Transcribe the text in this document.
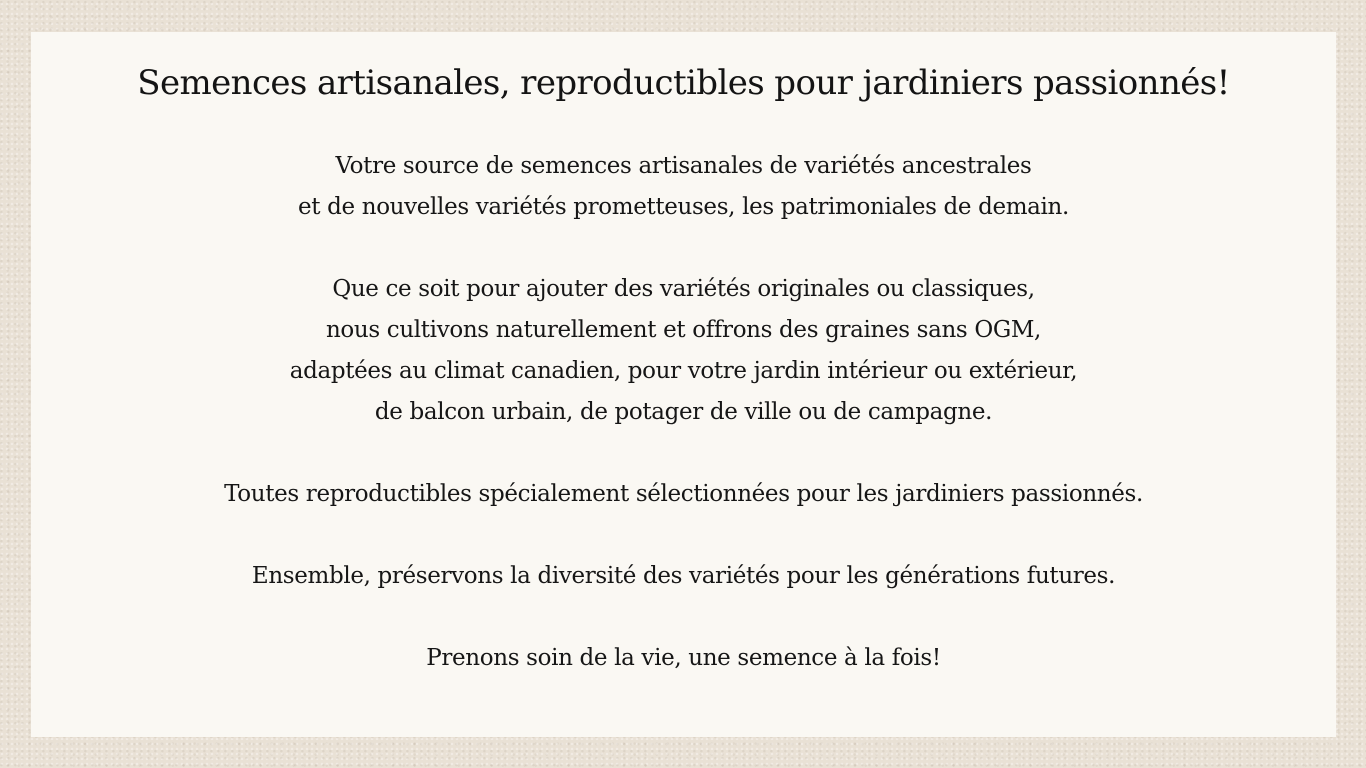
Semences artisanales, reproductibles pour jardiniers passionnés!

Votre source de semences artisanales de variétés ancestrales
et de nouvelles variétés prometteuses, les patrimoniales de demain.

Que ce soit pour ajouter des variétés originales ou classiques,
nous cultivons naturellement et offrons des graines sans OGM,
adaptées au climat canadien, pour votre jardin intérieur ou extérieur,
de balcon urbain, de potager de ville ou de campagne.

Toutes reproductibles spécialement sélectionnées pour les jardiniers passionnés.

Ensemble, préservons la diversité des variétés pour les générations futures.

Prenons soin de la vie, une semence à la fois!
